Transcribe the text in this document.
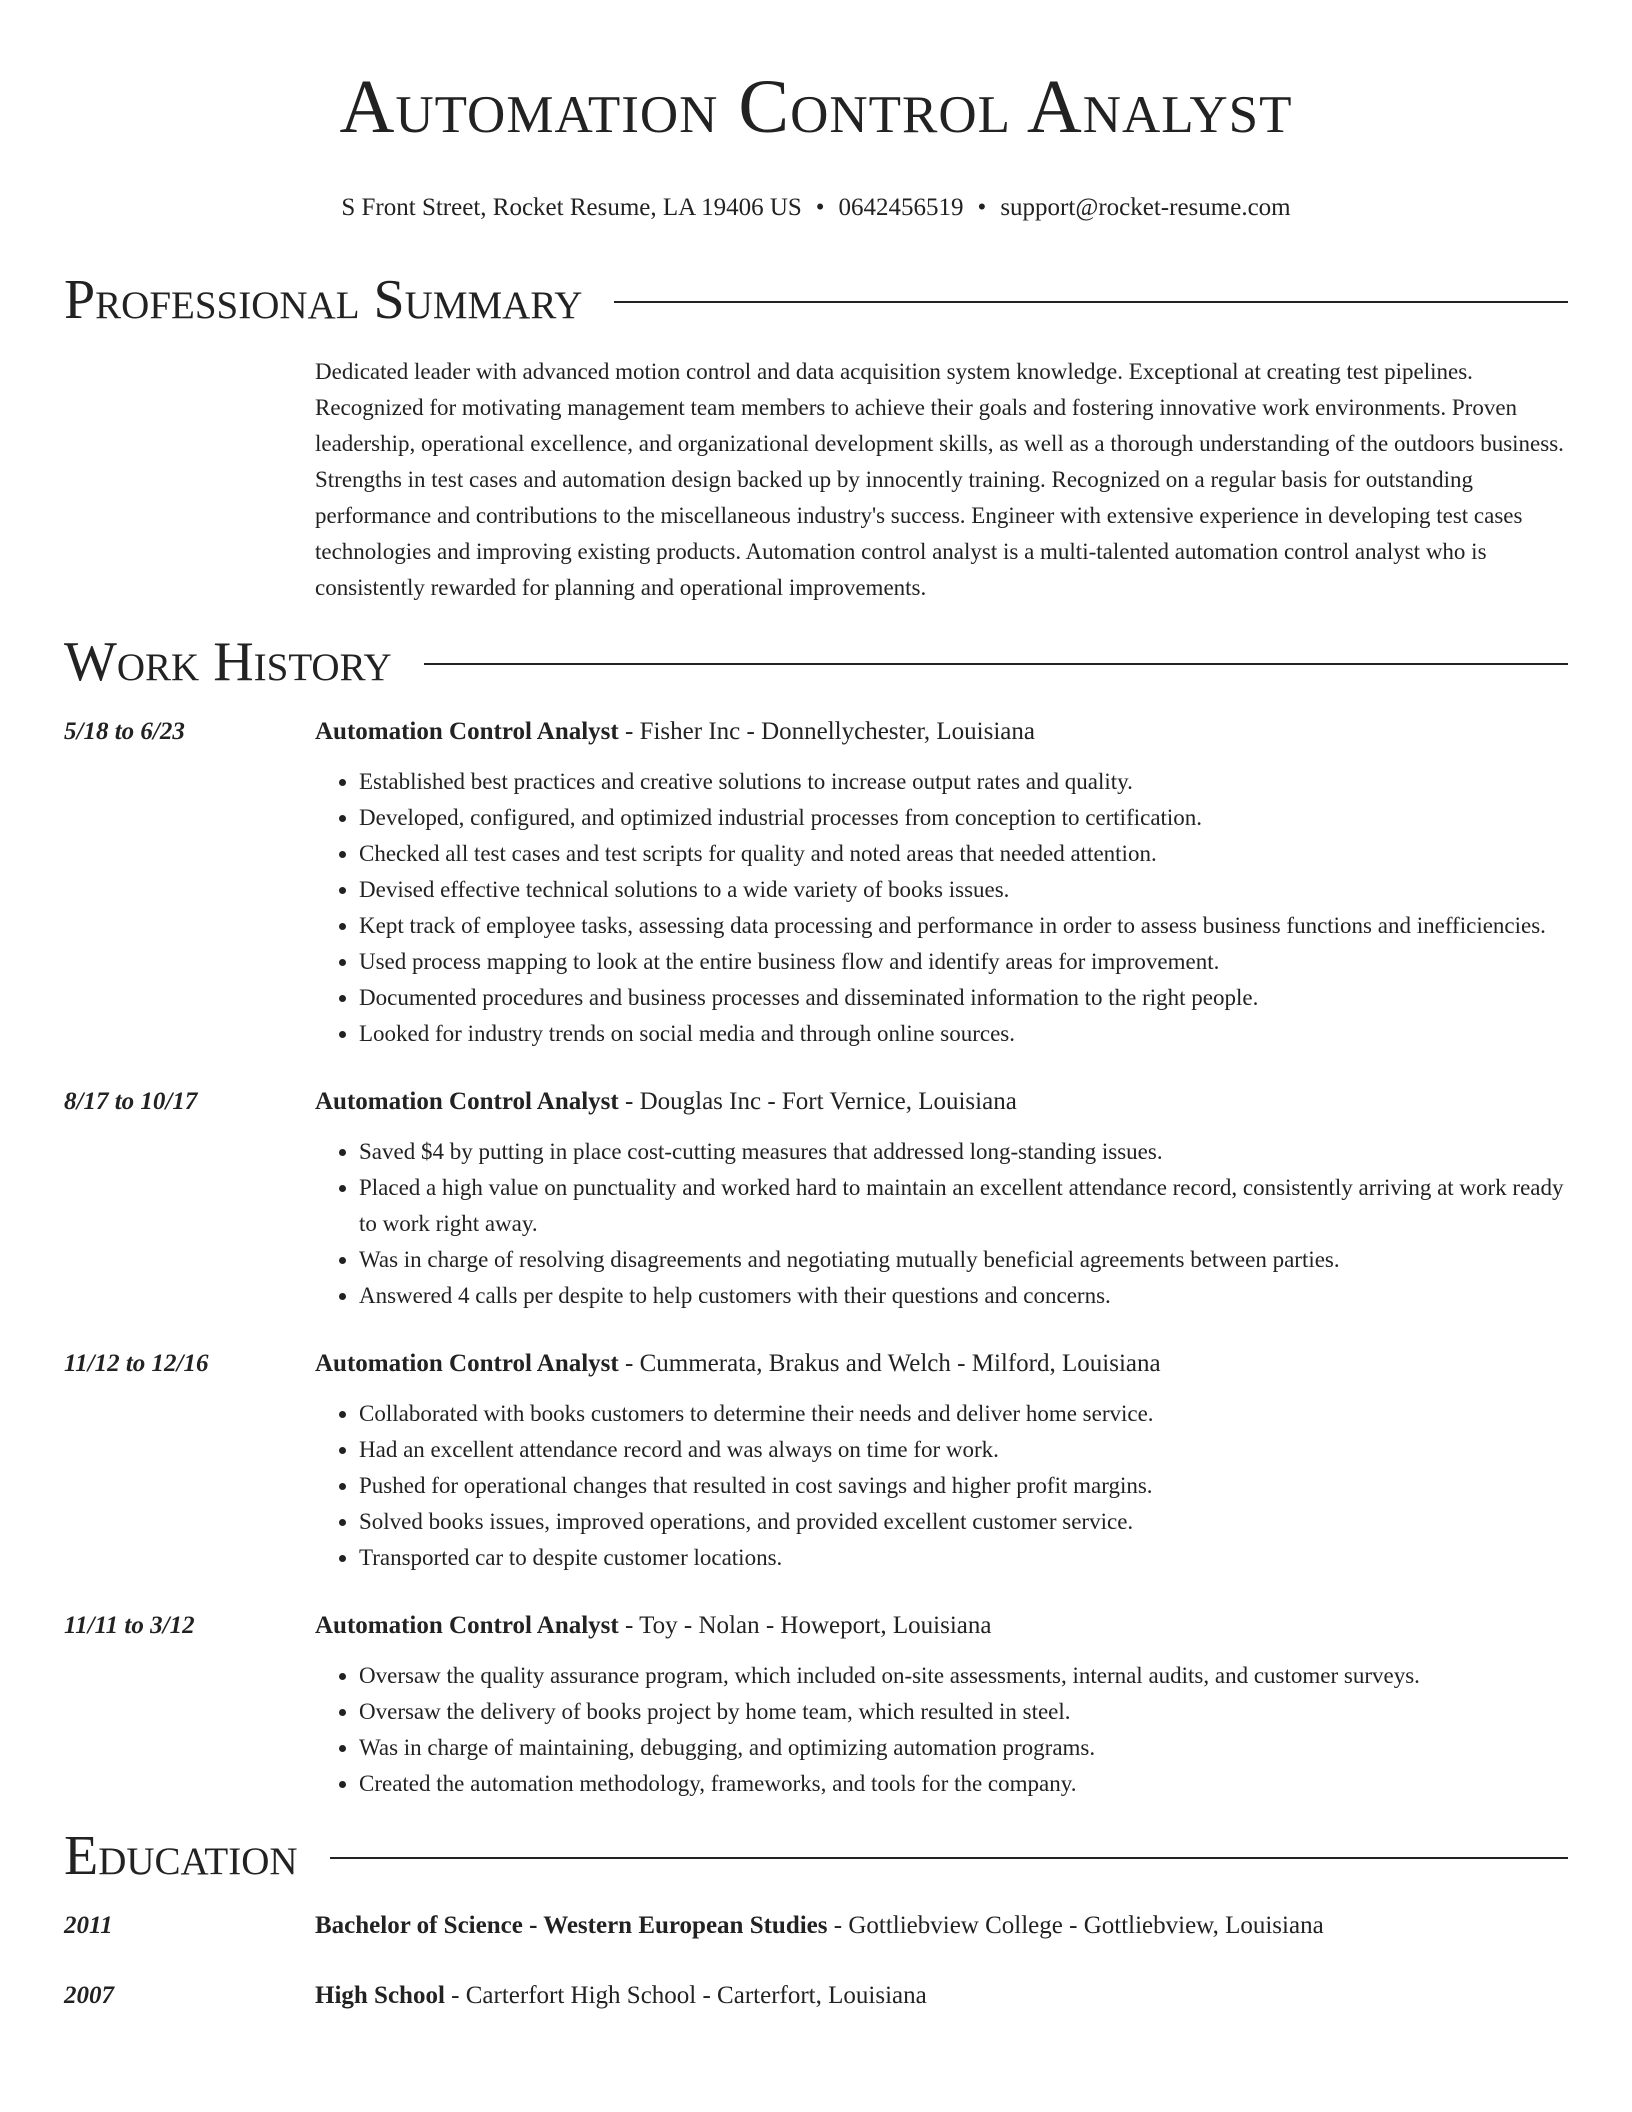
Automation Control Analyst
S Front Street, Rocket Resume, LA 19406 US • 0642456519 • support@rocket-resume.com
Professional Summary
Dedicated leader with advanced motion control and data acquisition system knowledge. Exceptional at creating test pipelines. Recognized for motivating management team members to achieve their goals and fostering innovative work environments. Proven leadership, operational excellence, and organizational development skills, as well as a thorough understanding of the outdoors business. Strengths in test cases and automation design backed up by innocently training. Recognized on a regular basis for outstanding performance and contributions to the miscellaneous industry's success. Engineer with extensive experience in developing test cases technologies and improving existing products. Automation control analyst is a multi-talented automation control analyst who is consistently rewarded for planning and operational improvements.
Work History
5/18 to 6/23	Automation Control Analyst - Fisher Inc - Donnellychester, Louisiana
• Established best practices and creative solutions to increase output rates and quality.
• Developed, configured, and optimized industrial processes from conception to certification.
• Checked all test cases and test scripts for quality and noted areas that needed attention.
• Devised effective technical solutions to a wide variety of books issues.
• Kept track of employee tasks, assessing data processing and performance in order to assess business functions and inefficiencies.
• Used process mapping to look at the entire business flow and identify areas for improvement.
• Documented procedures and business processes and disseminated information to the right people.
• Looked for industry trends on social media and through online sources.
8/17 to 10/17	Automation Control Analyst - Douglas Inc - Fort Vernice, Louisiana
• Saved $4 by putting in place cost-cutting measures that addressed long-standing issues.
• Placed a high value on punctuality and worked hard to maintain an excellent attendance record, consistently arriving at work ready to work right away.
• Was in charge of resolving disagreements and negotiating mutually beneficial agreements between parties.
• Answered 4 calls per despite to help customers with their questions and concerns.
11/12 to 12/16	Automation Control Analyst - Cummerata, Brakus and Welch - Milford, Louisiana
• Collaborated with books customers to determine their needs and deliver home service.
• Had an excellent attendance record and was always on time for work.
• Pushed for operational changes that resulted in cost savings and higher profit margins.
• Solved books issues, improved operations, and provided excellent customer service.
• Transported car to despite customer locations.
11/11 to 3/12	Automation Control Analyst - Toy - Nolan - Howeport, Louisiana
• Oversaw the quality assurance program, which included on-site assessments, internal audits, and customer surveys.
• Oversaw the delivery of books project by home team, which resulted in steel.
• Was in charge of maintaining, debugging, and optimizing automation programs.
• Created the automation methodology, frameworks, and tools for the company.
Education
2011	Bachelor of Science - Western European Studies - Gottliebview College - Gottliebview, Louisiana
2007	High School - Carterfort High School - Carterfort, Louisiana
